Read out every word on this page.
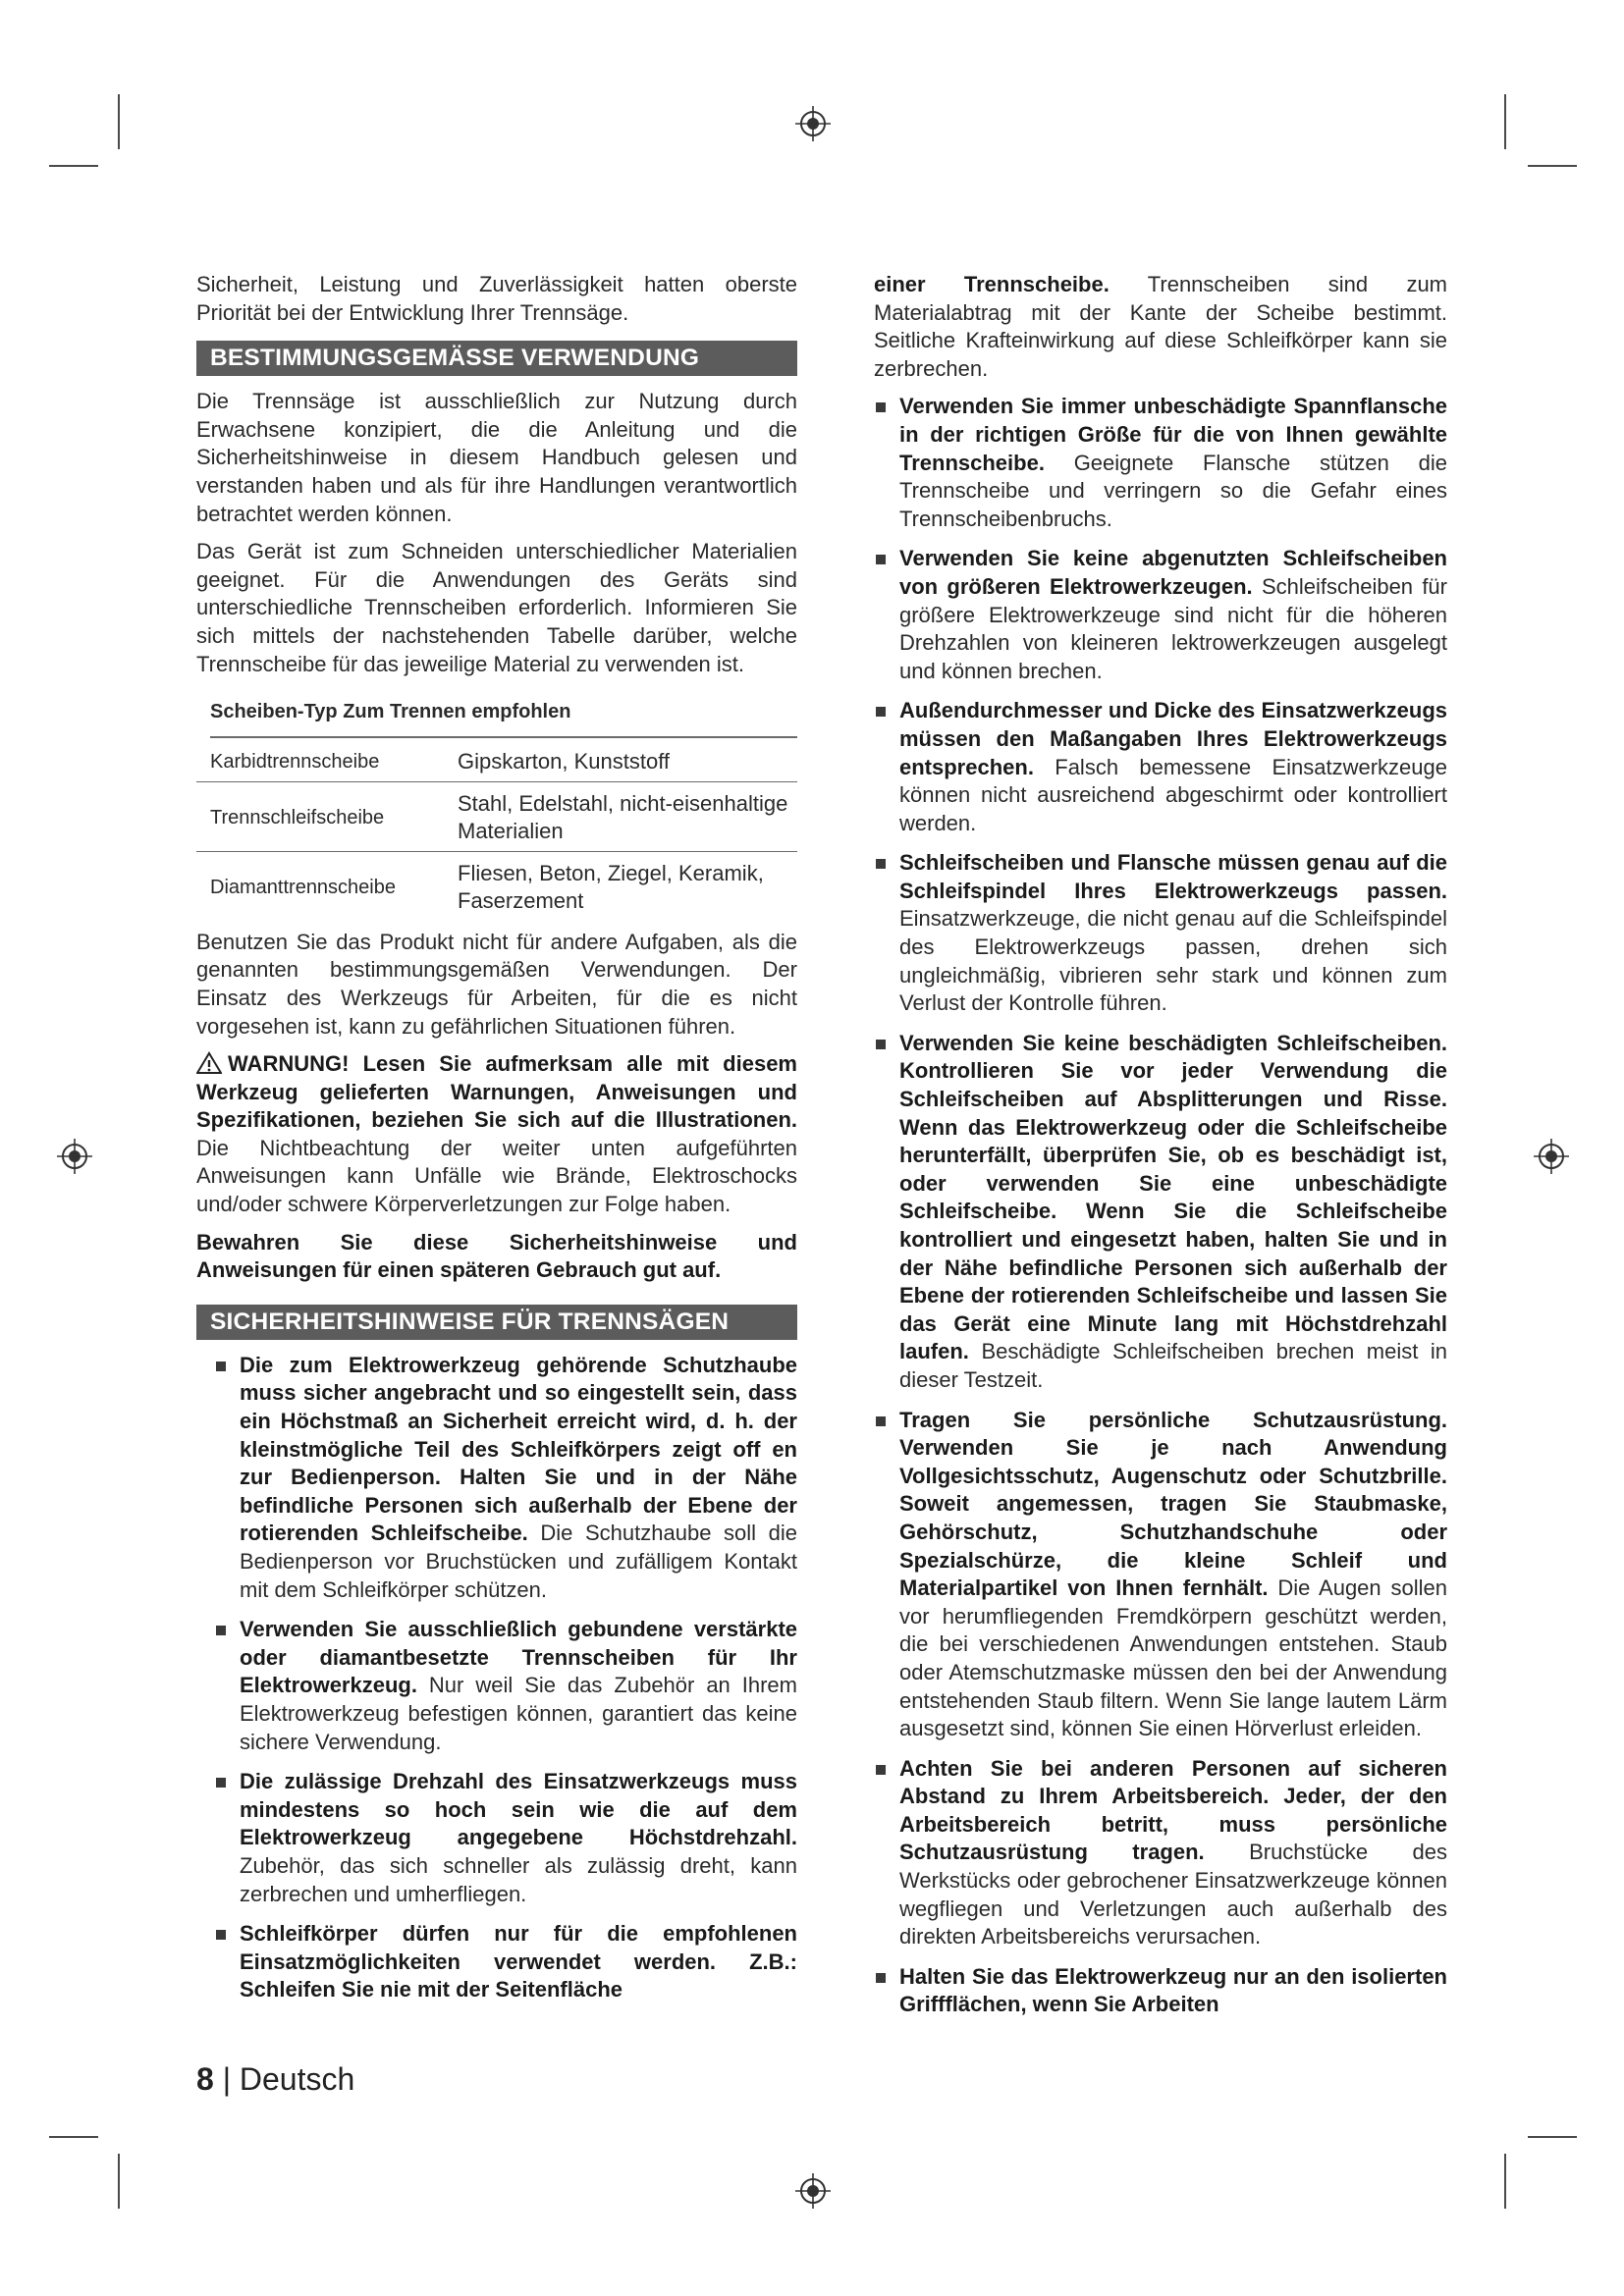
Sicherheit, Leistung und Zuverlässigkeit hatten oberste Priorität bei der Entwicklung Ihrer Trennsäge.

BESTIMMUNGSGEMÄSSE VERWENDUNG

Die Trennsäge ist ausschließlich zur Nutzung durch Erwachsene konzipiert, die die Anleitung und die Sicherheitshinweise in diesem Handbuch gelesen und verstanden haben und als für ihre Handlungen verantwortlich betrachtet werden können.

Das Gerät ist zum Schneiden unterschiedlicher Materialien geeignet. Für die Anwendungen des Geräts sind unterschiedliche Trennscheiben erforderlich. Informieren Sie sich mittels der nachstehenden Tabelle darüber, welche Trennscheibe für das jeweilige Material zu verwenden ist.

Scheiben-Typ Zum Trennen empfohlen
Karbidtrennscheibe	Gipskarton, Kunststoff
Trennschleifscheibe	Stahl, Edelstahl, nicht-eisenhaltige Materialien
Diamanttrennscheibe	Fliesen, Beton, Ziegel, Keramik, Faserzement

Benutzen Sie das Produkt nicht für andere Aufgaben, als die genannten bestimmungsgemäßen Verwendungen. Der Einsatz des Werkzeugs für Arbeiten, für die es nicht vorgesehen ist, kann zu gefährlichen Situationen führen.

WARNUNG! Lesen Sie aufmerksam alle mit diesem Werkzeug gelieferten Warnungen, Anweisungen und Spezifikationen, beziehen Sie sich auf die Illustrationen. Die Nichtbeachtung der weiter unten aufgeführten Anweisungen kann Unfälle wie Brände, Elektroschocks und/oder schwere Körperverletzungen zur Folge haben.

Bewahren Sie diese Sicherheitshinweise und Anweisungen für einen späteren Gebrauch gut auf.

SICHERHEITSHINWEISE FÜR TRENNSÄGEN
Die zum Elektrowerkzeug gehörende Schutzhaube muss sicher angebracht und so eingestellt sein, dass ein Höchstmaß an Sicherheit erreicht wird, d. h. der kleinstmögliche Teil des Schleifkörpers zeigt off en zur Bedienperson. Halten Sie und in der Nähe befindliche Personen sich außerhalb der Ebene der rotierenden Schleifscheibe. Die Schutzhaube soll die Bedienperson vor Bruchstücken und zufälligem Kontakt mit dem Schleifkörper schützen.
Verwenden Sie ausschließlich gebundene verstärkte oder diamantbesetzte Trennscheiben für Ihr Elektrowerkzeug. Nur weil Sie das Zubehör an Ihrem Elektrowerkzeug befestigen können, garantiert das keine sichere Verwendung.
Die zulässige Drehzahl des Einsatzwerkzeugs muss mindestens so hoch sein wie die auf dem Elektrowerkzeug angegebene Höchstdrehzahl. Zubehör, das sich schneller als zulässig dreht, kann zerbrechen und umherfliegen.
Schleifkörper dürfen nur für die empfohlenen Einsatzmöglichkeiten verwendet werden. Z.B.: Schleifen Sie nie mit der Seitenfläche

einer Trennscheibe. Trennscheiben sind zum Materialabtrag mit der Kante der Scheibe bestimmt. Seitliche Krafteinwirkung auf diese Schleifkörper kann sie zerbrechen.

Verwenden Sie immer unbeschädigte Spannflansche in der richtigen Größe für die von Ihnen gewählte Trennscheibe. Geeignete Flansche stützen die Trennscheibe und verringern so die Gefahr eines Trennscheibenbruchs.
Verwenden Sie keine abgenutzten Schleifscheiben von größeren Elektrowerkzeugen. Schleifscheiben für größere Elektrowerkzeuge sind nicht für die höheren Drehzahlen von kleineren lektrowerkzeugen ausgelegt und können brechen.
Außendurchmesser und Dicke des Einsatzwerkzeugs müssen den Maßangaben Ihres Elektrowerkzeugs entsprechen. Falsch bemessene Einsatzwerkzeuge können nicht ausreichend abgeschirmt oder kontrolliert werden.
Schleifscheiben und Flansche müssen genau auf die Schleifspindel Ihres Elektrowerkzeugs passen. Einsatzwerkzeuge, die nicht genau auf die Schleifspindel des Elektrowerkzeugs passen, drehen sich ungleichmäßig, vibrieren sehr stark und können zum Verlust der Kontrolle führen.
Verwenden Sie keine beschädigten Schleifscheiben. Kontrollieren Sie vor jeder Verwendung die Schleifscheiben auf Absplitterungen und Risse. Wenn das Elektrowerkzeug oder die Schleifscheibe herunterfällt, überprüfen Sie, ob es beschädigt ist, oder verwenden Sie eine unbeschädigte Schleifscheibe. Wenn Sie die Schleifscheibe kontrolliert und eingesetzt haben, halten Sie und in der Nähe befindliche Personen sich außerhalb der Ebene der rotierenden Schleifscheibe und lassen Sie das Gerät eine Minute lang mit Höchstdrehzahl laufen. Beschädigte Schleifscheiben brechen meist in dieser Testzeit.
Tragen Sie persönliche Schutzausrüstung. Verwenden Sie je nach Anwendung Vollgesichtsschutz, Augenschutz oder Schutzbrille. Soweit angemessen, tragen Sie Staubmaske, Gehörschutz, Schutzhandschuhe oder Spezialschürze, die kleine Schleif und Materialpartikel von Ihnen fernhält. Die Augen sollen vor herumfliegenden Fremdkörpern geschützt werden, die bei verschiedenen Anwendungen entstehen. Staub oder Atemschutzmaske müssen den bei der Anwendung entstehenden Staub filtern. Wenn Sie lange lautem Lärm ausgesetzt sind, können Sie einen Hörverlust erleiden.
Achten Sie bei anderen Personen auf sicheren Abstand zu Ihrem Arbeitsbereich. Jeder, der den Arbeitsbereich betritt, muss persönliche Schutzausrüstung tragen. Bruchstücke des Werkstücks oder gebrochener Einsatzwerkzeuge können wegfliegen und Verletzungen auch außerhalb des direkten Arbeitsbereichs verursachen.
Halten Sie das Elektrowerkzeug nur an den isolierten Griffflächen, wenn Sie Arbeiten
8 | Deutsch
